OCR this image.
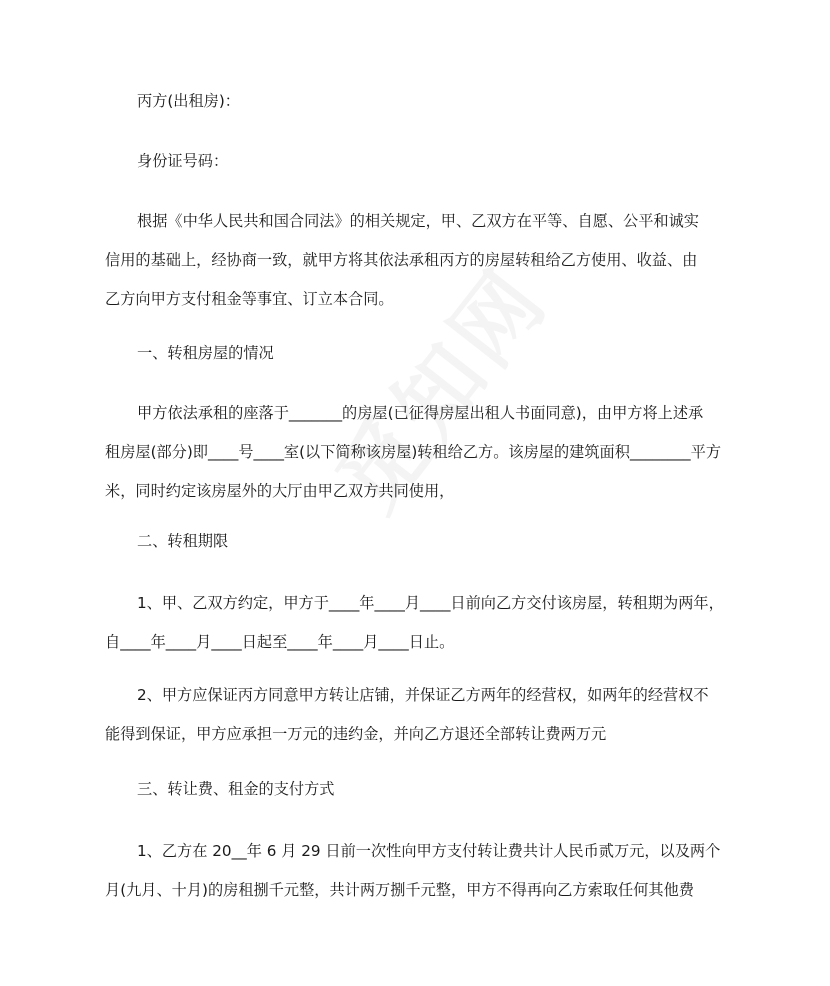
丙方(出租房)：

身份证号码：

根据《中华人民共和国合同法》的相关规定，甲、乙双方在平等、自愿、公平和诚实
信用的基础上，经协商一致，就甲方将其依法承租丙方的房屋转租给乙方使用、收益、由
乙方向甲方支付租金等事宜、订立本合同。

一、转租房屋的情况

甲方依法承租的座落于_______的房屋(已征得房屋出租人书面同意)，由甲方将上述承
租房屋(部分)即____号____室(以下简称该房屋)转租给乙方。该房屋的建筑面积________平方
米，同时约定该房屋外的大厅由甲乙双方共同使用，

二、转租期限

1、甲、乙双方约定，甲方于____年____月____日前向乙方交付该房屋，转租期为两年，
自____年____月____日起至____年____月____日止。

2、甲方应保证丙方同意甲方转让店铺，并保证乙方两年的经营权，如两年的经营权不
能得到保证，甲方应承担一万元的违约金，并向乙方退还全部转让费两万元

三、转让费、租金的支付方式

1、乙方在 20__年 6 月 29 日前一次性向甲方支付转让费共计人民币贰万元，以及两个
月(九月、十月)的房租捌千元整，共计两万捌千元整，甲方不得再向乙方索取任何其他费
